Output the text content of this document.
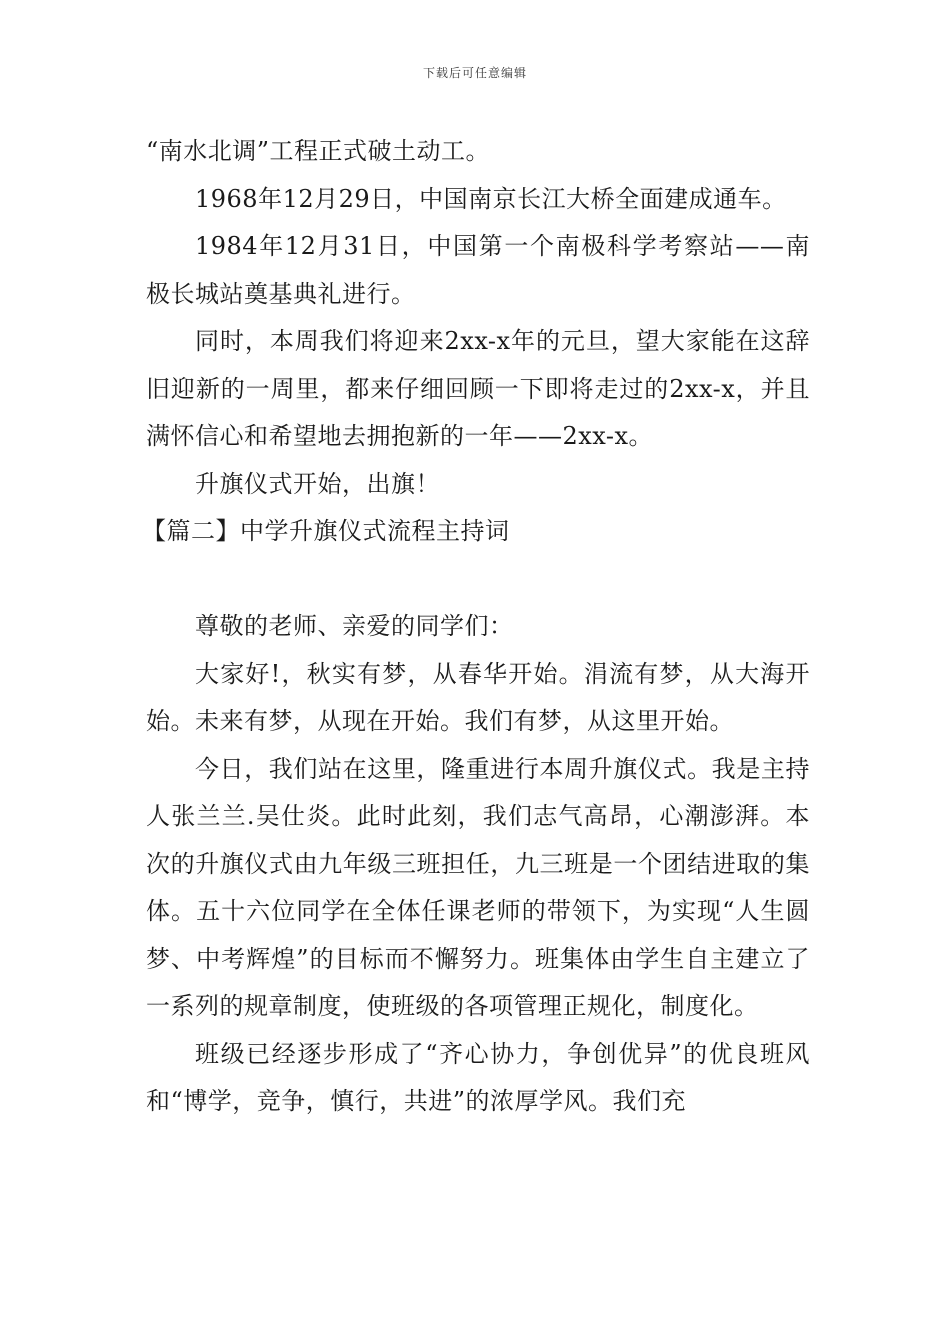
下载后可任意编辑

“南水北调”工程正式破土动工。

1968年12月29日，中国南京长江大桥全面建成通车。

1984年12月31日，中国第一个南极科学考察站——南极长城站奠基典礼进行。

同时，本周我们将迎来2xx-x年的元旦，望大家能在这辞旧迎新的一周里，都来仔细回顾一下即将走过的2xx-x，并且满怀信心和希望地去拥抱新的一年——2xx-x。

升旗仪式开始，出旗！

【篇二】中学升旗仪式流程主持词

尊敬的老师、亲爱的同学们：

大家好!，秋实有梦，从春华开始。涓流有梦，从大海开始。未来有梦，从现在开始。我们有梦，从这里开始。

今日，我们站在这里，隆重进行本周升旗仪式。我是主持人张兰兰.吴仕炎。此时此刻，我们志气高昂，心潮澎湃。本次的升旗仪式由九年级三班担任，九三班是一个团结进取的集体。五十六位同学在全体任课老师的带领下，为实现“人生圆梦、中考辉煌”的目标而不懈努力。班集体由学生自主建立了一系列的规章制度，使班级的各项管理正规化，制度化。

班级已经逐步形成了“齐心协力，争创优异”的优良班风和“博学，竞争，慎行，共进”的浓厚学风。我们充
